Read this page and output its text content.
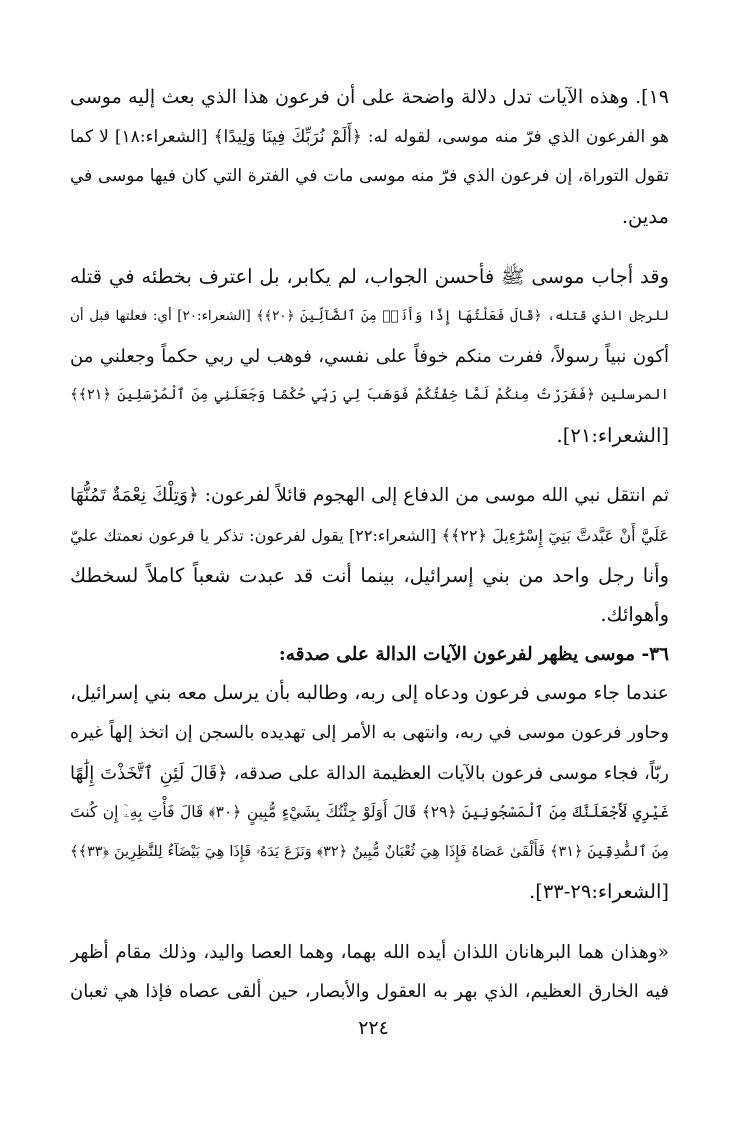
١٩]. وهذه الآيات تدل دلالة واضحة على أن فرعون هذا الذي بعث إليه موسى
هو الفرعون الذي فرّ منه موسى، لقوله له: ﴿أَلَمْ نُرَبِّكَ فِينَا وَلِيدًا﴾ [الشعراء:١٨] لا كما
تقول التوراة، إن فرعون الذي فرّ منه موسى مات في الفترة التي كان فيها موسى في
مدين.
وقد أجاب موسى ﷺ فأحسن الجواب، لم يكابر، بل اعترف بخطئه في قتله
للرجل الذي قتله، ﴿قَالَ فَعَلْتُهَا إِذًا وَأَنَا۠ مِنَ ٱلضَّآلِّينَ ﴿٢٠﴾﴾ [الشعراء:٢٠] أي: فعلتها قبل أن
أكون نبياً رسولاً، ففرت منكم خوفاً على نفسي، فوهب لي ربي حكماً وجعلني من
المرسلين ﴿فَفَرَرْتُ مِنكُمْ لَمَّا خِفْتُكُمْ فَوَهَبَ لِي رَبِّي حُكْمًا وَجَعَلَنِي مِنَ ٱلْمُرْسَلِينَ ﴿٢١﴾﴾
[الشعراء:٢١].
ثم انتقل نبي الله موسى من الدفاع إلى الهجوم قائلاً لفرعون: ﴿وَتِلْكَ نِعْمَةٌ تَمُنُّهَا
عَلَيَّ أَنْ عَبَّدتَّ بَنِيٓ إِسْرَٰٓءِيلَ ﴿٢٢﴾﴾ [الشعراء:٢٢] يقول لفرعون: تذكر يا فرعون نعمتك عليّ
وأنا رجل واحد من بني إسرائيل، بينما أنت قد عبدت شعباً كاملاً لسخطك
وأهوائك.
٣٦- موسى يظهر لفرعون الآيات الدالة على صدقه:
عندما جاء موسى فرعون ودعاه إلى ربه، وطالبه بأن يرسل معه بني إسرائيل،
وحاور فرعون موسى في ربه، وانتهى به الأمر إلى تهديده بالسجن إن اتخذ إلهاً غيره
ربّاً، فجاء موسى فرعون بالآيات العظيمة الدالة على صدقه، ﴿قَالَ لَئِنِ ٱتَّخَذْتَ إِلَٰهًا
غَيْرِي لَأَجْعَلَنَّكَ مِنَ ٱلْمَسْجُونِينَ ﴿٢٩﴾ قَالَ أَوَلَوْ جِئْتُكَ بِشَيْءٍ مُّبِينٍ ﴿٣٠﴾ قَالَ فَأْتِ بِهِۦٓ إِن كُنتَ
مِنَ ٱلصَّٰدِقِينَ ﴿٣١﴾ فَأَلْقَىٰ عَصَاهُ فَإِذَا هِيَ ثُعْبَانٌ مُّبِينٌ ﴿٣٢﴾ وَنَزَعَ يَدَهُۥ فَإِذَا هِيَ بَيْضَآءُ لِلنَّٰظِرِينَ ﴿٣٣﴾﴾
[الشعراء:٢٩-٣٣].
«وهذان هما البرهانان اللذان أيده الله بهما، وهما العصا واليد، وذلك مقام أظهر
فيه الخارق العظيم، الذي بهر به العقول والأبصار، حين ألقى عصاه فإذا هي ثعبان
٢٢٤
